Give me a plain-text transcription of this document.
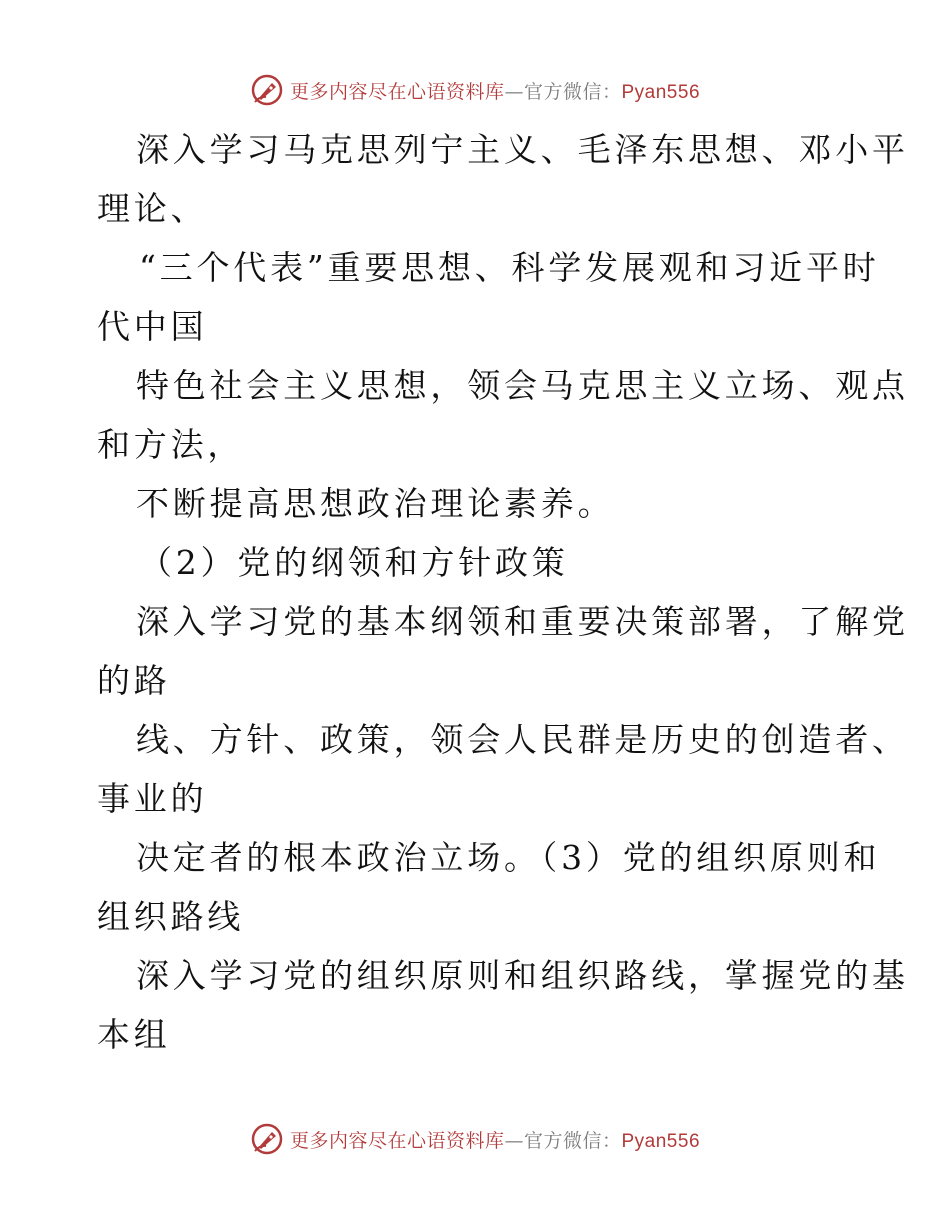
更多内容尽在心语资料库—官方微信：Pyan556
深入学习马克思列宁主义、毛泽东思想、邓小平
理论、
“三个代表”重要思想、科学发展观和习近平时
代中国
特色社会主义思想，领会马克思主义立场、观点
和方法，
不断提高思想政治理论素养。
（2）党的纲领和方针政策
深入学习党的基本纲领和重要决策部署，了解党
的路
线、方针、政策，领会人民群是历史的创造者、
事业的
决定者的根本政治立场。（3）党的组织原则和
组织路线
深入学习党的组织原则和组织路线，掌握党的基
本组
更多内容尽在心语资料库—官方微信：Pyan556
